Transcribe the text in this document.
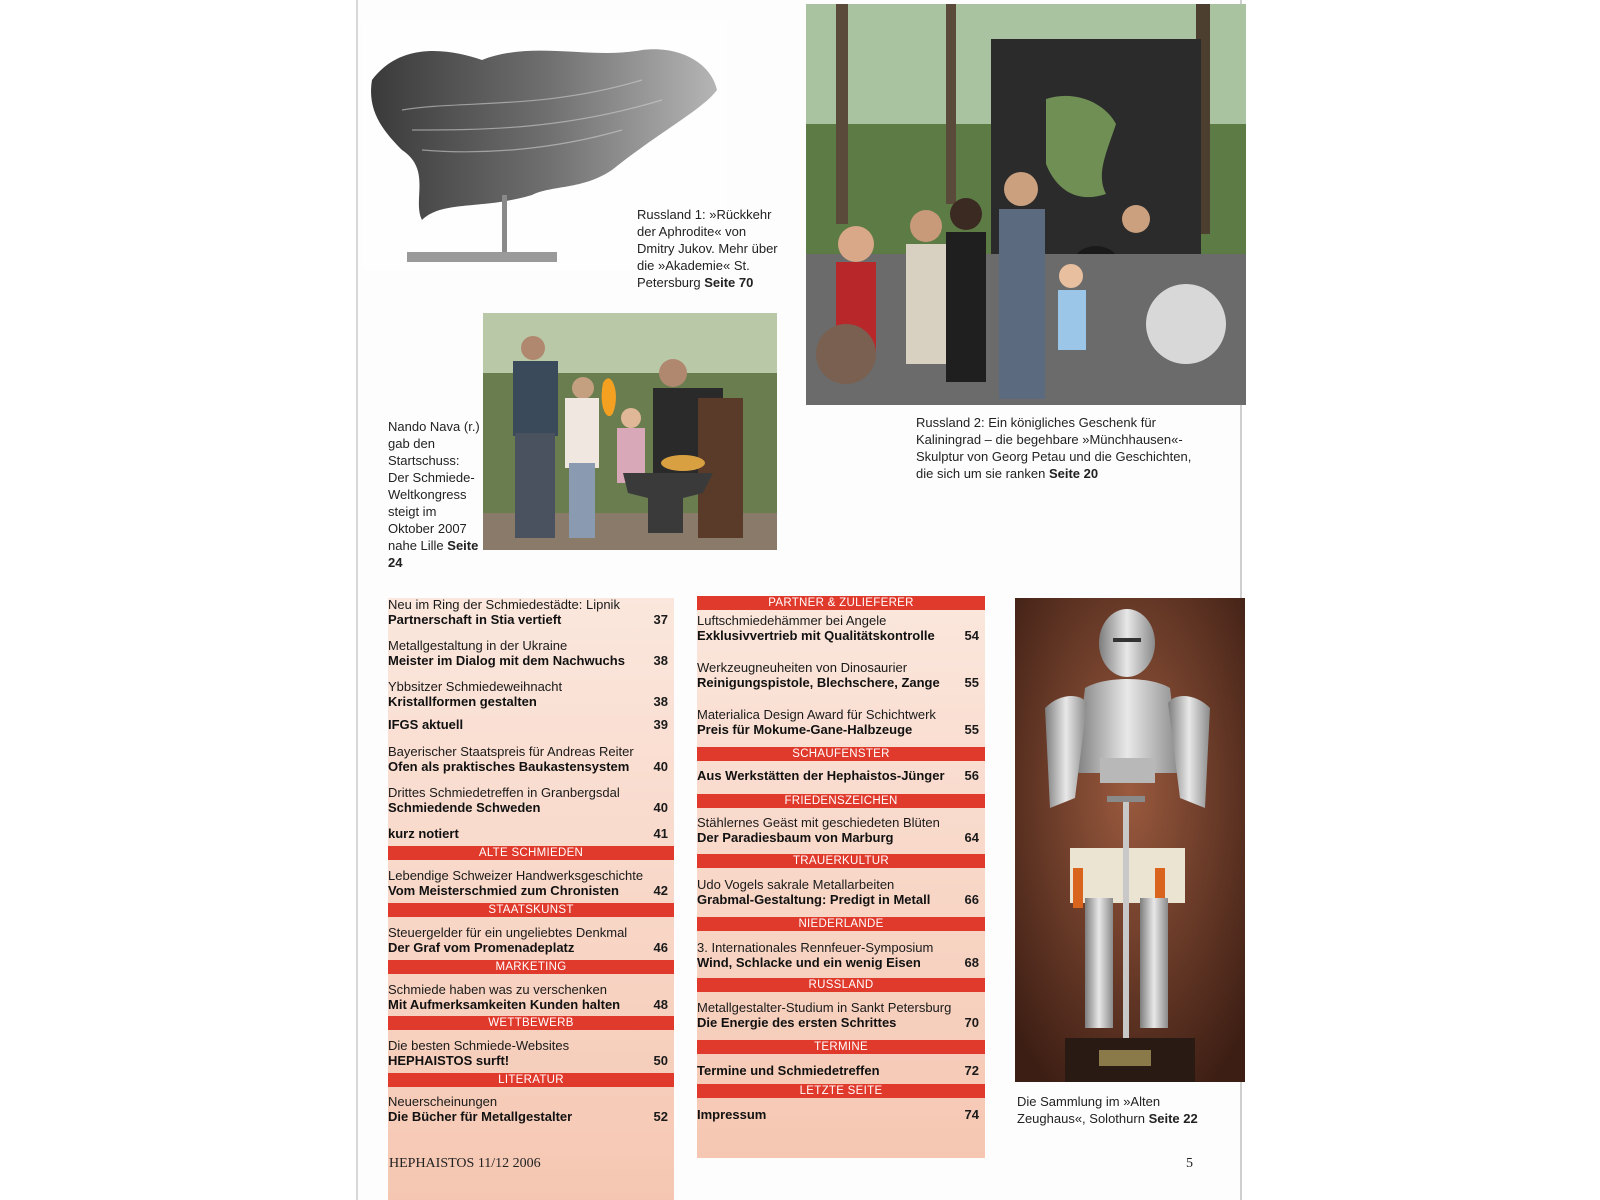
Russland 1: »Rückkehr der Aphrodite« von Dmitry Jukov. Mehr über die »Akademie« St. Petersburg Seite 70
Russland 2: Ein königliches Geschenk für Kaliningrad – die begehbare »Münchhausen«-Skulptur von Georg Petau und die Geschichten, die sich um sie ranken Seite 20
Nando Nava (r.) gab den Startschuss: Der Schmiede-Weltkongress steigt im Oktober 2007 nahe Lille Seite 24
Die Sammlung im »Alten Zeughaus«, Solothurn Seite 22
Neu im Ring der Schmiedestädte: Lipnik
Partnerschaft in Stia vertieft	37
Metallgestaltung in der Ukraine
Meister im Dialog mit dem Nachwuchs	38
Ybbsitzer Schmiedeweihnacht
Kristallformen gestalten	38
IFGS aktuell	39
Bayerischer Staatspreis für Andreas Reiter
Ofen als praktisches Baukastensystem	40
Drittes Schmiedetreffen in Granbergsdal
Schmiedende Schweden	40
kurz notiert	41
ALTE SCHMIEDEN
Lebendige Schweizer Handwerksgeschichte
Vom Meisterschmied zum Chronisten	42
STAATSKUNST
Steuergelder für ein ungeliebtes Denkmal
Der Graf vom Promenadeplatz	46
MARKETING
Schmiede haben was zu verschenken
Mit Aufmerksamkeiten Kunden halten	48
WETTBEWERB
Die besten Schmiede-Websites
HEPHAISTOS surft!	50
LITERATUR
Neuerscheinungen
Die Bücher für Metallgestalter	52
PARTNER & ZULIEFERER
Luftschmiedehämmer bei Angele
Exklusivvertrieb mit Qualitätskontrolle	54
Werkzeugneuheiten von Dinosaurier
Reinigungspistole, Blechschere, Zange	55
Materialica Design Award für Schichtwerk
Preis für Mokume-Gane-Halbzeuge	55
SCHAUFENSTER
Aus Werkstätten der Hephaistos-Jünger	56
FRIEDENSZEICHEN
Stählernes Geäst mit geschiedeten Blüten
Der Paradiesbaum von Marburg	64
TRAUERKULTUR
Udo Vogels sakrale Metallarbeiten
Grabmal-Gestaltung: Predigt in Metall	66
NIEDERLANDE
3. Internationales Rennfeuer-Symposium
Wind, Schlacke und ein wenig Eisen	68
RUSSLAND
Metallgestalter-Studium in Sankt Petersburg
Die Energie des ersten Schrittes	70
TERMINE
Termine und Schmiedetreffen	72
LETZTE SEITE
Impressum	74
HEPHAISTOS 11/12 2006	5
